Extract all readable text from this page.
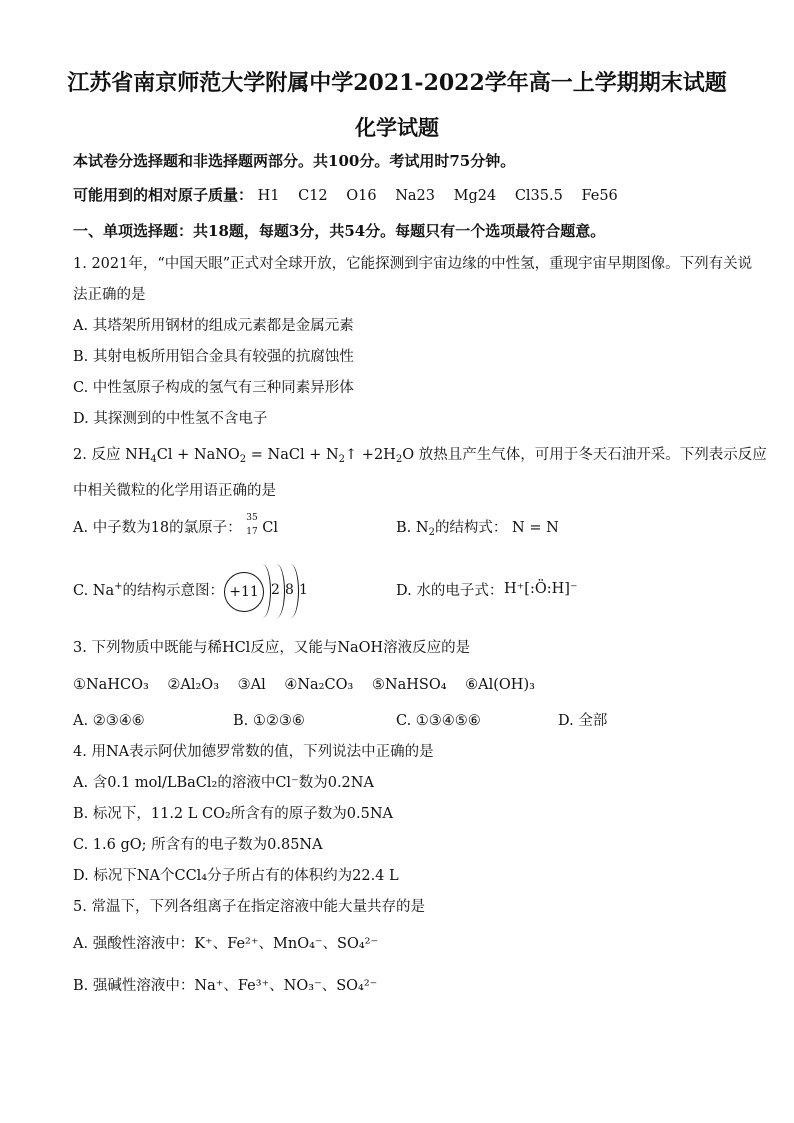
江苏省南京师范大学附属中学2021-2022学年高一上学期期末试题
化学试题
本试卷分选择题和非选择题两部分。共100分。考试用时75分钟。
可能用到的相对原子质量： H1 C12 O16 Na23 Mg24 Cl35.5 Fe56
一、单项选择题：共18题，每题3分，共54分。每题只有一个选项最符合题意。
1. 2021年，“中国天眼”正式对全球开放，它能探测到宇宙边缘的中性氢，重现宇宙早期图像。下列有关说
法正确的是
A. 其塔架所用钢材的组成元素都是金属元素
B. 其射电板所用铝合金具有较强的抗腐蚀性
C. 中性氢原子构成的氢气有三种同素异形体
D. 其探测到的中性氢不含电子
2. 反应 $NH_4Cl$ + NaNO$_2$ = NaCl + $N_2↑ +2H_2O$ 放热且产生气体，可用于冬天石油开采。下列表示反应
中相关微粒的化学用语正确的是
A. 中子数为18的氯原子：
35
17 Cl	B. $N_2$的结构式： N = N
C. Na+的结构示意图： +11 2 8 1	D. 水的电子式： H⁺[:Ö:H]⁻
3. 下列物质中既能与稀HCl反应，又能与NaOH溶液反应的是
①NaHCO₃ ②Al₂O₃ ③Al ④Na₂CO₃ ⑤NaHSO₄ ⑥Al(OH)₃
A. ②③④⑥	B. ①②③⑥	C. ①③④⑤⑥	D. 全部
4. 用NA表示阿伏加德罗常数的值，下列说法中正确的是
A. 含0.1 mol/LBaCl₂的溶液中Cl⁻数为0.2NA
B. 标况下，11.2 L CO₂所含有的原子数为0.5NA
C. 1.6 gO; 所含有的电子数为0.85NA
D. 标况下NA个CCl₄分子所占有的体积约为22.4 L
5. 常温下，下列各组离子在指定溶液中能大量共存的是
A. 强酸性溶液中：K⁺、Fe²⁺、MnO₄⁻、SO₄²⁻
B. 强碱性溶液中：Na⁺、Fe³⁺、NO₃⁻、SO₄²⁻
